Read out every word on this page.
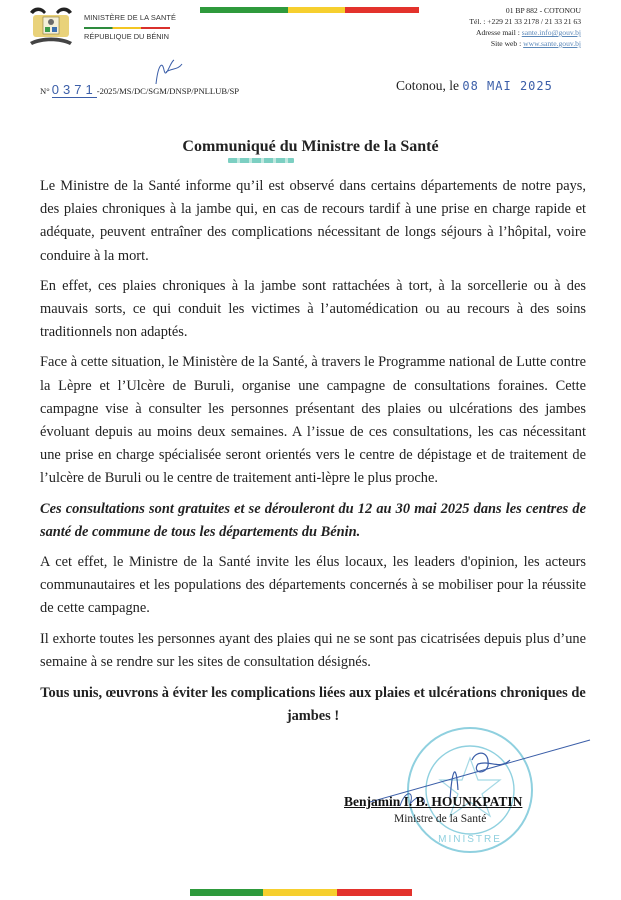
MINISTÈRE DE LA SANTÉ
RÉPUBLIQUE DU BÉNIN
01 BP 882 - COTONOU
Tél. : +229 21 33 2178 / 21 33 21 63
Adresse mail : sante.info@gouv.bj
Site web : www.sante.gouv.bj
N° 0371-2025/MS/DC/SGM/DNSP/PNLLUB/SP	Cotonou, le 08 MAI 2025
Communiqué du Ministre de la Santé

Le Ministre de la Santé informe qu’il est observé dans certains départements de notre pays, des plaies chroniques à la jambe qui, en cas de recours tardif à une prise en charge rapide et adéquate, peuvent entraîner des complications nécessitant de longs séjours à l’hôpital, voire conduire à la mort.

En effet, ces plaies chroniques à la jambe sont rattachées à tort, à la sorcellerie ou à des mauvais sorts, ce qui conduit les victimes à l’automédication ou au recours à des soins traditionnels non adaptés.

Face à cette situation, le Ministère de la Santé, à travers le Programme national de Lutte contre la Lèpre et l’Ulcère de Buruli, organise une campagne de consultations foraines. Cette campagne vise à consulter les personnes présentant des plaies ou ulcérations des jambes évoluant depuis au moins deux semaines. A l’issue de ces consultations, les cas nécessitant une prise en charge spécialisée seront orientés vers le centre de dépistage et de traitement de l’ulcère de Buruli ou le centre de traitement anti-lèpre le plus proche.

Ces consultations sont gratuites et se dérouleront du 12 au 30 mai 2025 dans les centres de santé de commune de tous les départements du Bénin.

A cet effet, le Ministre de la Santé invite les élus locaux, les leaders d'opinion, les acteurs communautaires et les populations des départements concernés à se mobiliser pour la réussite de cette campagne.

Il exhorte toutes les personnes ayant des plaies qui ne se sont pas cicatrisées depuis plus d’une semaine à se rendre sur les sites de consultation désignés.

Tous unis, œuvrons à éviter les complications liées aux plaies et ulcérations chroniques de jambes !
MINISTRE
Benjamin I. B. HOUNKPATIN
Ministre de la Santé
